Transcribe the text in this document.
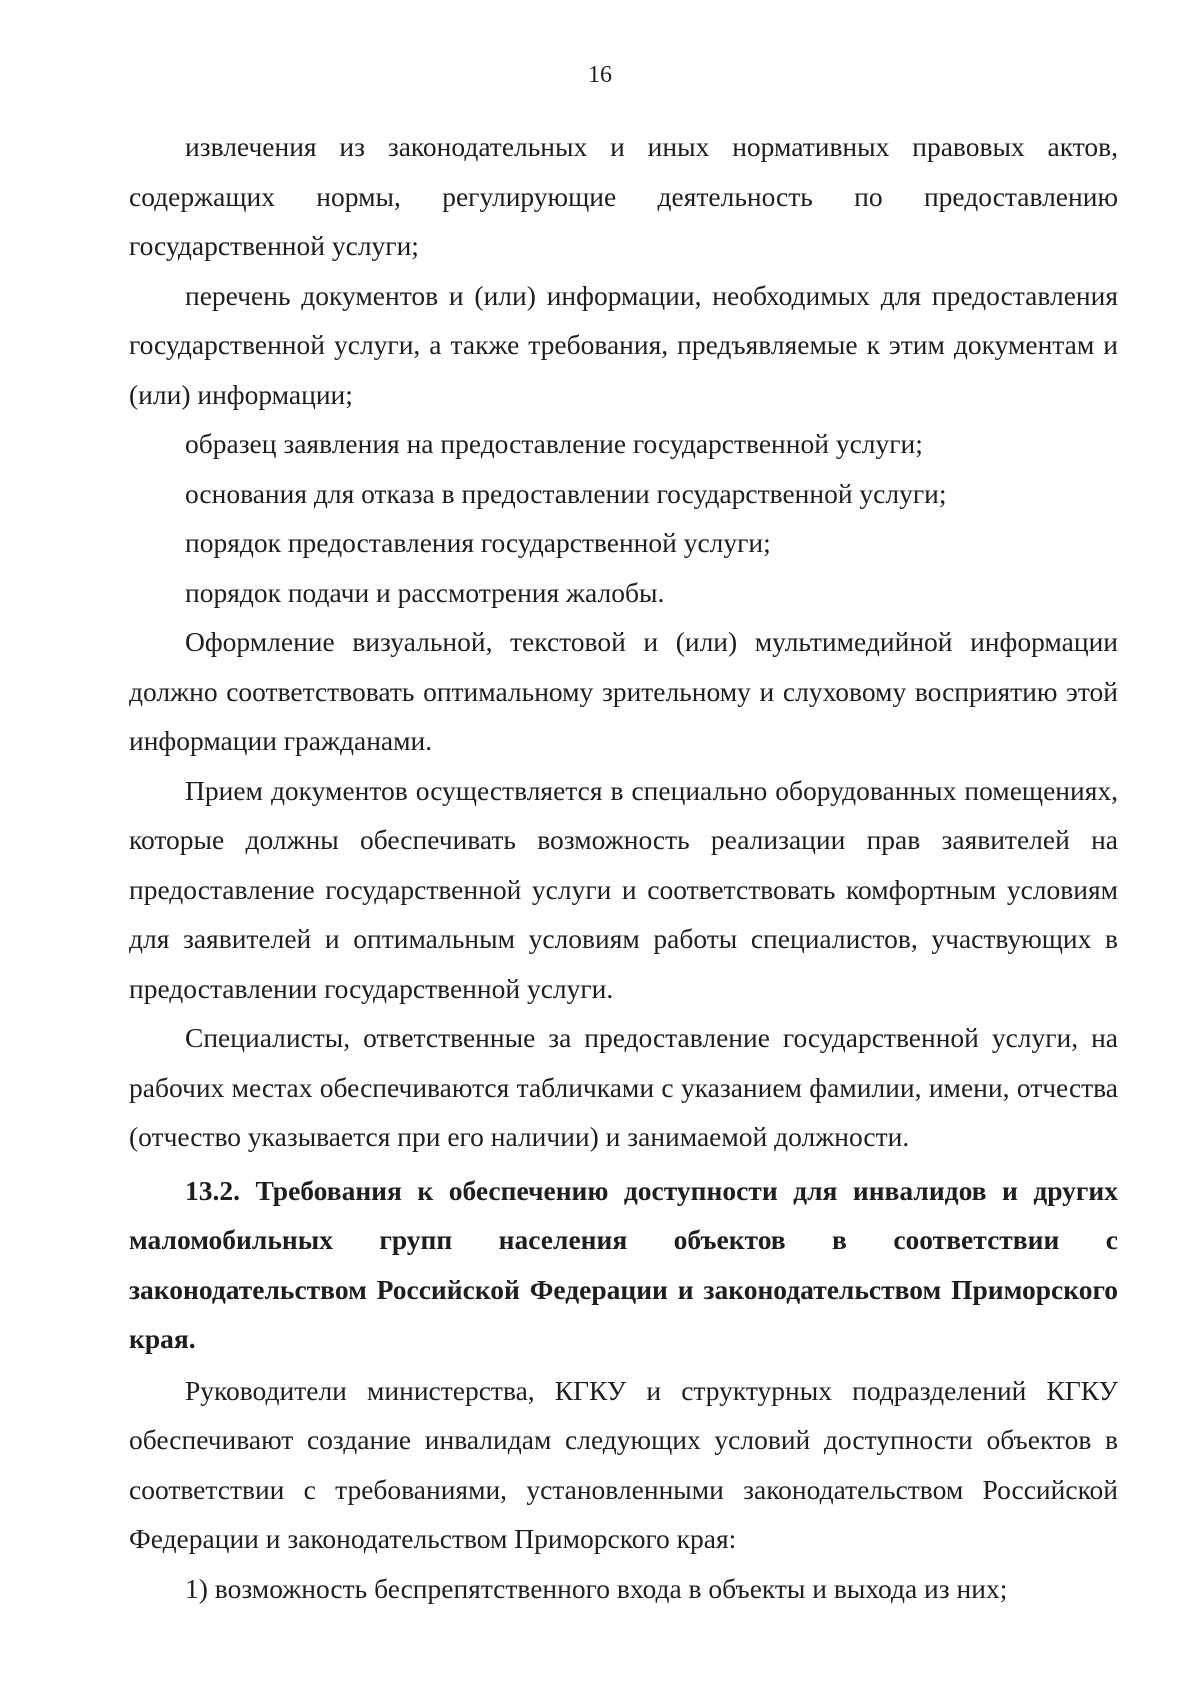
16

извлечения из законодательных и иных нормативных правовых актов, содержащих нормы, регулирующие деятельность по предоставлению государственной услуги;

перечень документов и (или) информации, необходимых для предоставления государственной услуги, а также требования, предъявляемые к этим документам и (или) информации;

образец заявления на предоставление государственной услуги;

основания для отказа в предоставлении государственной услуги;

порядок предоставления государственной услуги;

порядок подачи и рассмотрения жалобы.

Оформление визуальной, текстовой и (или) мультимедийной информации должно соответствовать оптимальному зрительному и слуховому восприятию этой информации гражданами.

Прием документов осуществляется в специально оборудованных помещениях, которые должны обеспечивать возможность реализации прав заявителей на предоставление государственной услуги и соответствовать комфортным условиям для заявителей и оптимальным условиям работы специалистов, участвующих в предоставлении государственной услуги.

Специалисты, ответственные за предоставление государственной услуги, на рабочих местах обеспечиваются табличками с указанием фамилии, имени, отчества (отчество указывается при его наличии) и занимаемой должности.

13.2. Требования к обеспечению доступности для инвалидов и других маломобильных групп населения объектов в соответствии с законодательством Российской Федерации и законодательством Приморского края.

Руководители министерства, КГКУ и структурных подразделений КГКУ обеспечивают создание инвалидам следующих условий доступности объектов в соответствии с требованиями, установленными законодательством Российской Федерации и законодательством Приморского края:

1) возможность беспрепятственного входа в объекты и выхода из них;
